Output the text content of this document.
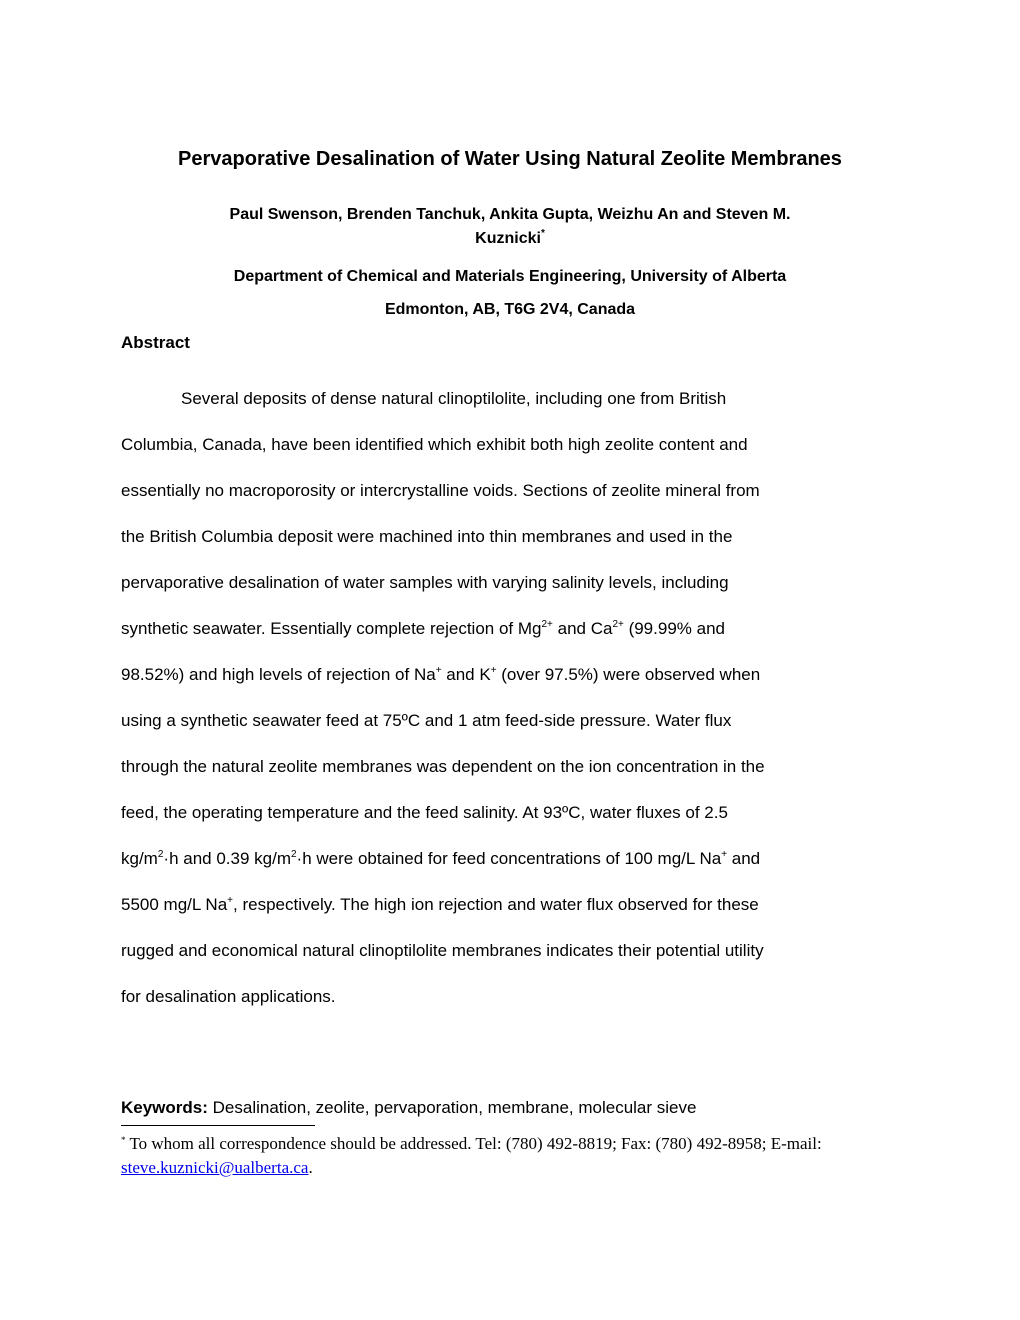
Pervaporative Desalination of Water Using Natural Zeolite Membranes
Paul Swenson, Brenden Tanchuk, Ankita Gupta, Weizhu An and Steven M.
Kuznicki*
Department of Chemical and Materials Engineering, University of Alberta
Edmonton, AB, T6G 2V4, Canada
Abstract
Several deposits of dense natural clinoptilolite, including one from British
Columbia, Canada, have been identified which exhibit both high zeolite content and
essentially no macroporosity or intercrystalline voids. Sections of zeolite mineral from
the British Columbia deposit were machined into thin membranes and used in the
pervaporative desalination of water samples with varying salinity levels, including
synthetic seawater. Essentially complete rejection of $Mg^{2+}$ and $Ca^{2+}$ (99.99% and
98.52%) and high levels of rejection of Na+ and K+ (over 97.5%) were observed when
using a synthetic seawater feed at 75ºC and 1 atm feed-side pressure. Water flux
through the natural zeolite membranes was dependent on the ion concentration in the
feed, the operating temperature and the feed salinity. At 93ºC, water fluxes of 2.5
$kg/m^2\cdot h$ and 0.39 $kg/m^2\cdot h$ were obtained for feed concentrations of 100 mg/L Na+ and
5500 mg/L Na+, respectively. The high ion rejection and water flux observed for these
rugged and economical natural clinoptilolite membranes indicates their potential utility
for desalination applications.
Keywords: Desalination, zeolite, pervaporation, membrane, molecular sieve
* To whom all correspondence should be addressed. Tel: (780) 492-8819; Fax: (780) 492-8958; E-mail: steve.kuznicki@ualberta.ca.
